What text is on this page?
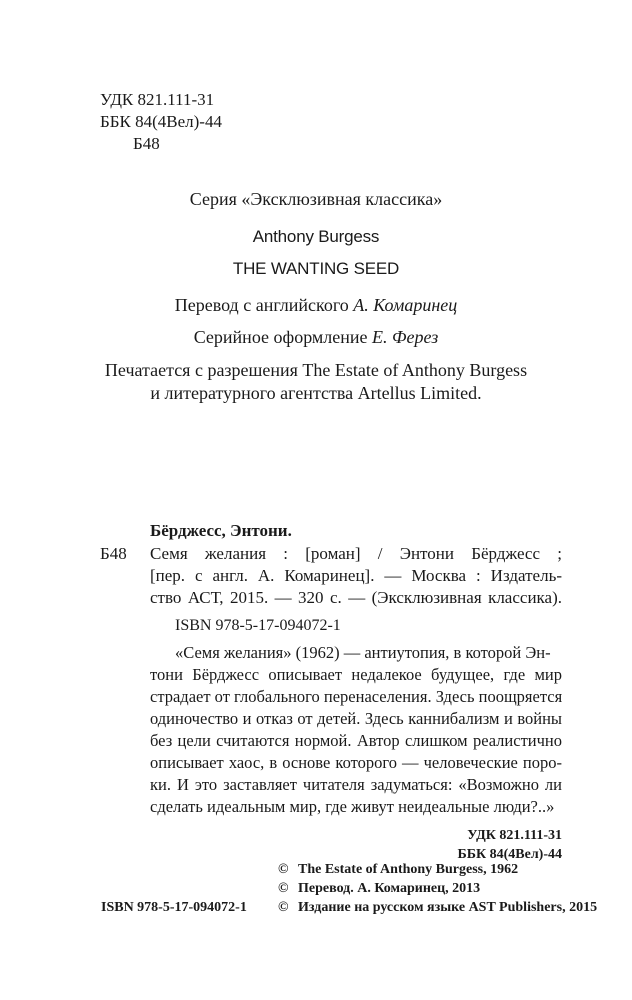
УДК 821.111-31
ББК 84(4Вел)-44
Б48
Серия «Эксклюзивная классика»
Anthony Burgess
THE WANTING SEED
Перевод с английского А. Комаринец
Серийное оформление Е. Ферез
Печатается с разрешения The Estate of Anthony Burgess
и литературного агентства Artellus Limited.
Бёрджесс, Энтони.
Б48 Семя желания : [роман] / Энтони Бёрджесс ;
[пер. с англ. А. Комаринец]. — Москва : Издатель-
ство АСТ, 2015. — 320 с. — (Эксклюзивная классика).
ISBN 978-5-17-094072-1
«Семя желания» (1962) — антиутопия, в которой Эн-
тони Бёрджесс описывает недалекое будущее, где мир
страдает от глобального перенаселения. Здесь поощряется
одиночество и отказ от детей. Здесь каннибализм и войны
без цели считаются нормой. Автор слишком реалистично
описывает хаос, в основе которого — человеческие поро-
ки. И это заставляет читателя задуматься: «Возможно ли
сделать идеальным мир, где живут неидеальные люди?..»
УДК 821.111-31
ББК 84(4Вел)-44
© The Estate of Anthony Burgess, 1962
© Перевод. А. Комаринец, 2013
ISBN 978-5-17-094072-1 © Издание на русском языке AST Publishers, 2015
